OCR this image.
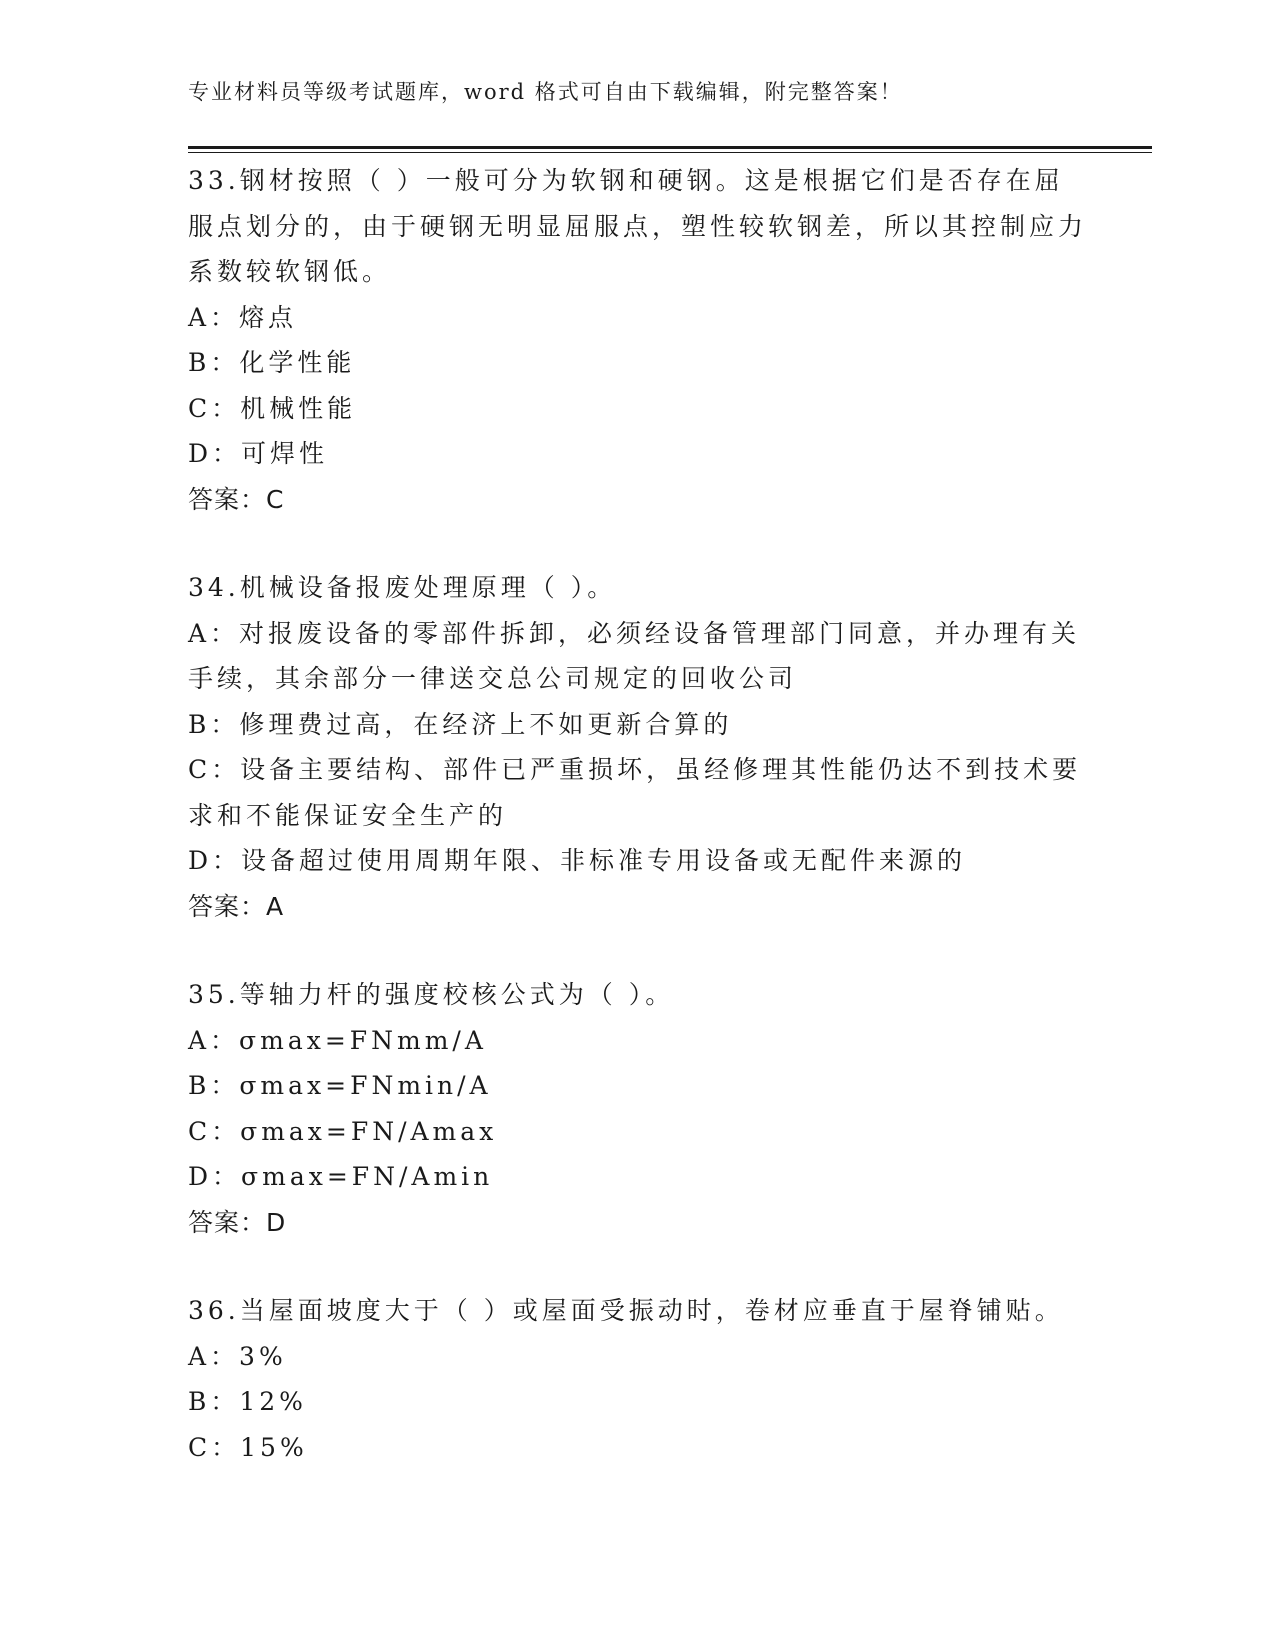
专业材料员等级考试题库，word 格式可自由下载编辑，附完整答案！

33.钢材按照（ ）一般可分为软钢和硬钢。这是根据它们是否存在屈服点划分的，由于硬钢无明显屈服点，塑性较软钢差，所以其控制应力系数较软钢低。

A：熔点

B：化学性能

C：机械性能

D：可焊性

答案：C

34.机械设备报废处理原理（ ）。

A：对报废设备的零部件拆卸，必须经设备管理部门同意，并办理有关手续，其余部分一律送交总公司规定的回收公司

B：修理费过高，在经济上不如更新合算的

C：设备主要结构、部件已严重损坏，虽经修理其性能仍达不到技术要求和不能保证安全生产的

D：设备超过使用周期年限、非标准专用设备或无配件来源的

答案：A

35.等轴力杆的强度校核公式为（ ）。

A：σmax=FNmm/A

B：σmax=FNmin/A

C：σmax=FN/Amax

D：σmax=FN/Amin

答案：D

36.当屋面坡度大于（ ）或屋面受振动时，卷材应垂直于屋脊铺贴。

A：3%

B：12%

C：15%
